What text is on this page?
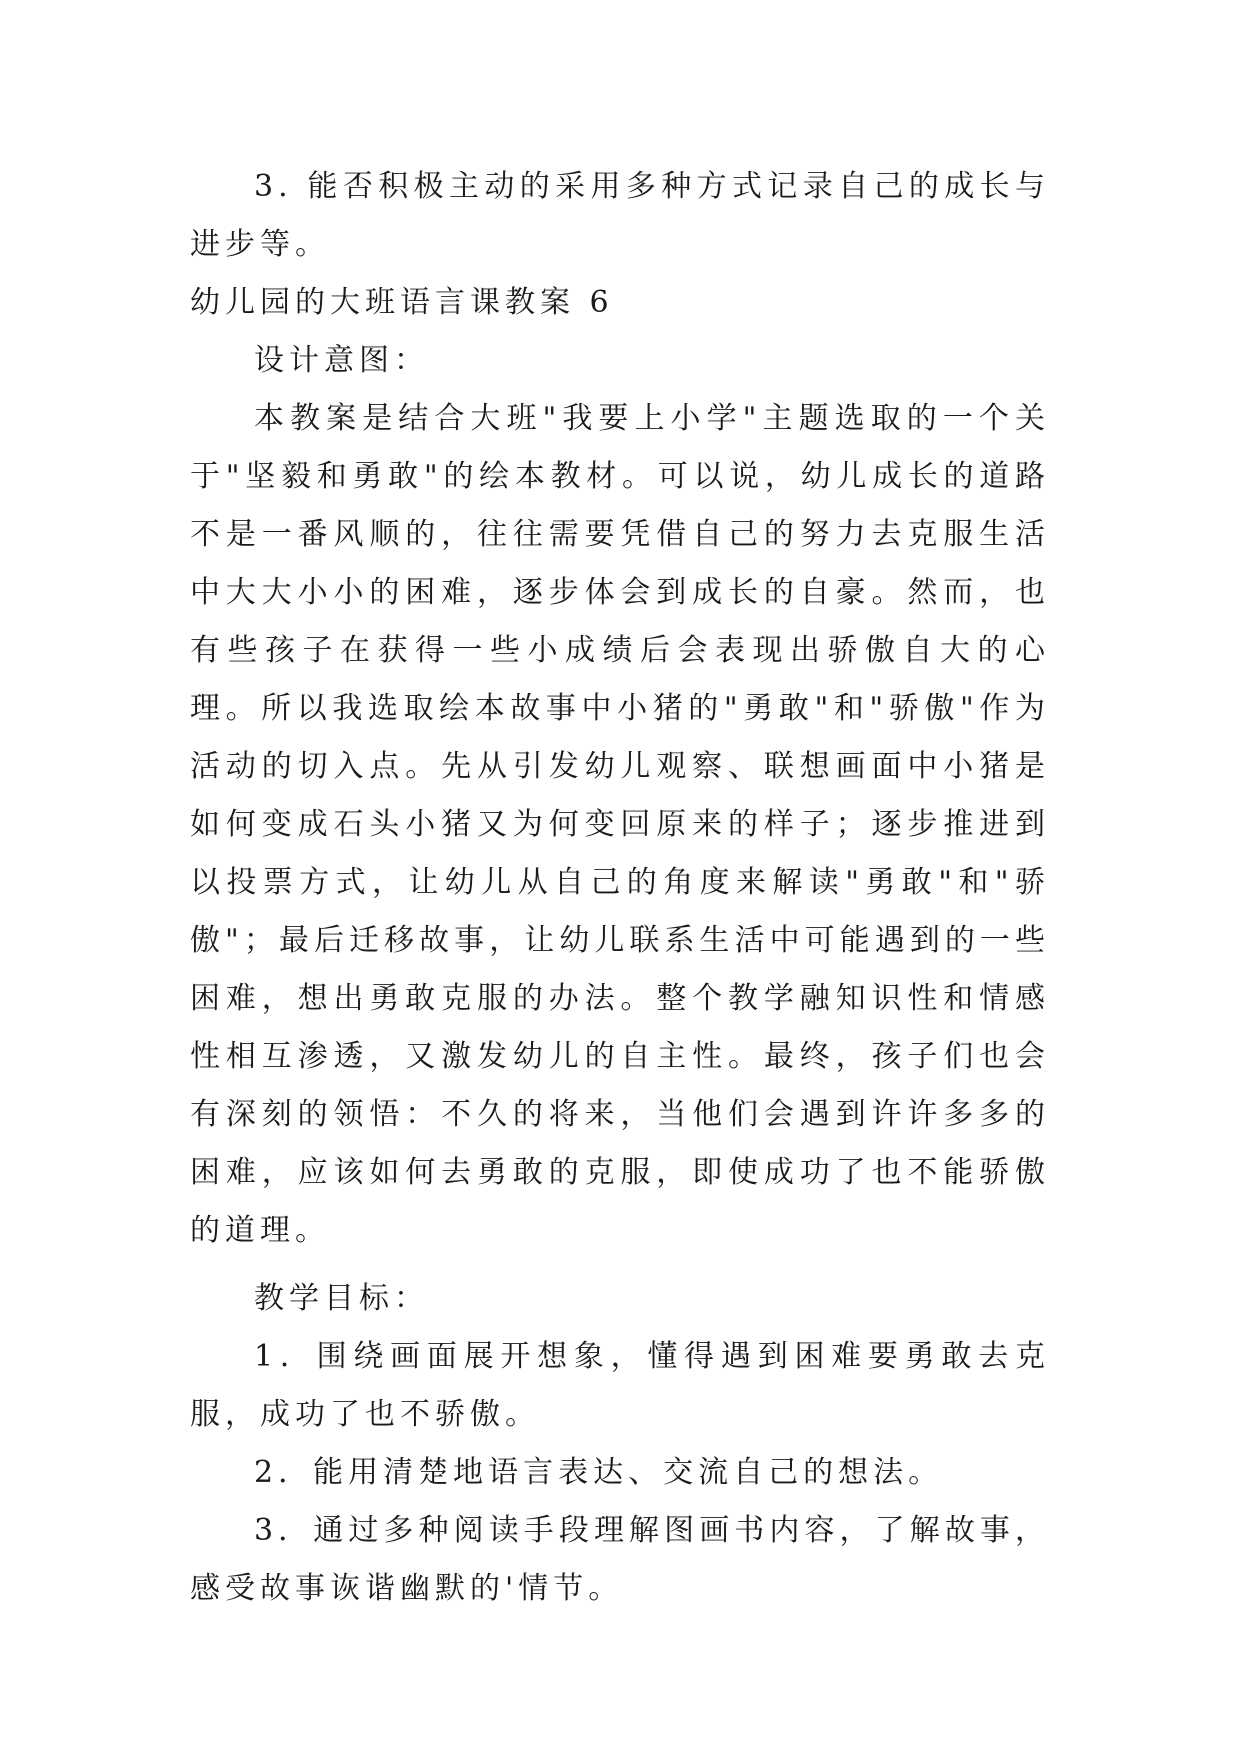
3. 能否积极主动的采用多种方式记录自己的成长与进步等。

幼儿园的大班语言课教案 6

设计意图：

本教案是结合大班"我要上小学"主题选取的一个关于"坚毅和勇敢"的绘本教材。可以说，幼儿成长的道路不是一番风顺的，往往需要凭借自己的努力去克服生活中大大小小的困难，逐步体会到成长的自豪。然而，也有些孩子在获得一些小成绩后会表现出骄傲自大的心理。所以我选取绘本故事中小猪的"勇敢"和"骄傲"作为活动的切入点。先从引发幼儿观察、联想画面中小猪是如何变成石头小猪又为何变回原来的样子；逐步推进到以投票方式，让幼儿从自己的角度来解读"勇敢"和"骄傲"；最后迁移故事，让幼儿联系生活中可能遇到的一些困难，想出勇敢克服的办法。整个教学融知识性和情感性相互渗透，又激发幼儿的自主性。最终，孩子们也会有深刻的领悟：不久的将来，当他们会遇到许许多多的困难，应该如何去勇敢的克服，即使成功了也不能骄傲的道理。

教学目标：

1．围绕画面展开想象，懂得遇到困难要勇敢去克服，成功了也不骄傲。

2．能用清楚地语言表达、交流自己的想法。

3．通过多种阅读手段理解图画书内容，了解故事，感受故事诙谐幽默的'情节。
